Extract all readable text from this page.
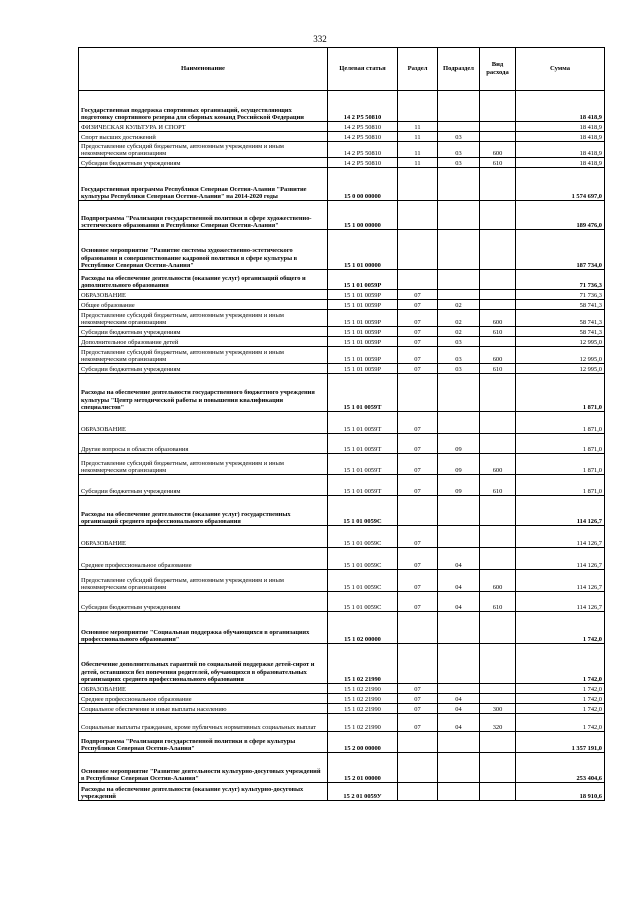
332
Наименование	Целевая статья	Раздел	Подраздел	Вид расхода	Сумма
Государственная поддержка спортивных организаций, осуществляющих подготовку спортивного резерва для сборных команд Российской Федерации	14 2 P5 50810				18 418,9
ФИЗИЧЕСКАЯ КУЛЬТУРА И СПОРТ	14 2 P5 50810	11			18 418,9
Спорт высших достижений	14 2 P5 50810	11	03		18 418,9
Предоставление субсидий бюджетным, автономным учреждениям и иным некоммерческим организациям	14 2 P5 50810	11	03	600	18 418,9
Субсидии бюджетным учреждениям	14 2 P5 50810	11	03	610	18 418,9
Государственная программа Республики Северная Осетия-Алания "Развитие культуры Республики Северная Осетия-Алания" на 2014-2020 годы	15 0 00 00000				1 574 697,0
Подпрограмма "Реализация государственной политики в сфере художественно-эстетического образования в Республике Северная Осетия-Алания"	15 1 00 00000				189 476,0
Основное мероприятие "Развитие системы художественно-эстетического образования и совершенствование кадровой политики в сфере культуры в Республике Северная Осетия-Алания"	15 1 01 00000				187 734,0
Расходы на обеспечение деятельности (оказание услуг) организаций общего и дополнительного образования	15 1 01 0059Р				71 736,3
ОБРАЗОВАНИЕ	15 1 01 0059Р	07			71 736,3
Общее образование	15 1 01 0059Р	07	02		58 741,3
Предоставление субсидий бюджетным, автономным учреждениям и иным некоммерческим организациям	15 1 01 0059Р	07	02	600	58 741,3
Субсидии бюджетным учреждениям	15 1 01 0059Р	07	02	610	58 741,3
Дополнительное образование детей	15 1 01 0059Р	07	03		12 995,0
Предоставление субсидий бюджетным, автономным учреждениям и иным некоммерческим организациям	15 1 01 0059Р	07	03	600	12 995,0
Субсидии бюджетным учреждениям	15 1 01 0059Р	07	03	610	12 995,0
Расходы на обеспечение деятельности государственного бюджетного учреждения культуры "Центр методической работы и повышения квалификации специалистов"	15 1 01 0059Т				1 871,0
ОБРАЗОВАНИЕ	15 1 01 0059Т	07			1 871,0
Другие вопросы в области образования	15 1 01 0059Т	07	09		1 871,0
Предоставление субсидий бюджетным, автономным учреждениям и иным некоммерческим организациям	15 1 01 0059Т	07	09	600	1 871,0
Субсидии бюджетным учреждениям	15 1 01 0059Т	07	09	610	1 871,0
Расходы на обеспечение деятельности (оказание услуг) государственных организаций среднего профессионального образования	15 1 01 0059С				114 126,7
ОБРАЗОВАНИЕ	15 1 01 0059С	07			114 126,7
Среднее профессиональное образование	15 1 01 0059С	07	04		114 126,7
Предоставление субсидий бюджетным, автономным учреждениям и иным некоммерческим организациям	15 1 01 0059С	07	04	600	114 126,7
Субсидии бюджетным учреждениям	15 1 01 0059С	07	04	610	114 126,7
Основное мероприятие "Социальная поддержка обучающихся в организациях профессионального образования"	15 1 02 00000				1 742,0
Обеспечение дополнительных гарантий по социальной поддержке детей-сирот и детей, оставшихся без попечения родителей, обучающихся в образовательных организациях среднего профессионального образования	15 1 02 21990				1 742,0
ОБРАЗОВАНИЕ	15 1 02 21990	07			1 742,0
Среднее профессиональное образование	15 1 02 21990	07	04		1 742,0
Социальное обеспечение и иные выплаты населению	15 1 02 21990	07	04	300	1 742,0
Социальные выплаты гражданам, кроме публичных нормативных социальных выплат	15 1 02 21990	07	04	320	1 742,0
Подпрограмма "Реализация государственной политики в сфере культуры Республики Северная Осетия-Алания"	15 2 00 00000				1 357 191,0
Основное мероприятие "Развитие деятельности культурно-досуговых учреждений в Республике Северная Осетия-Алания"	15 2 01 00000				253 404,6
Расходы на обеспечение деятельности (оказание услуг) культурно-досуговых учреждений	15 2 01 0059У				18 910,6
